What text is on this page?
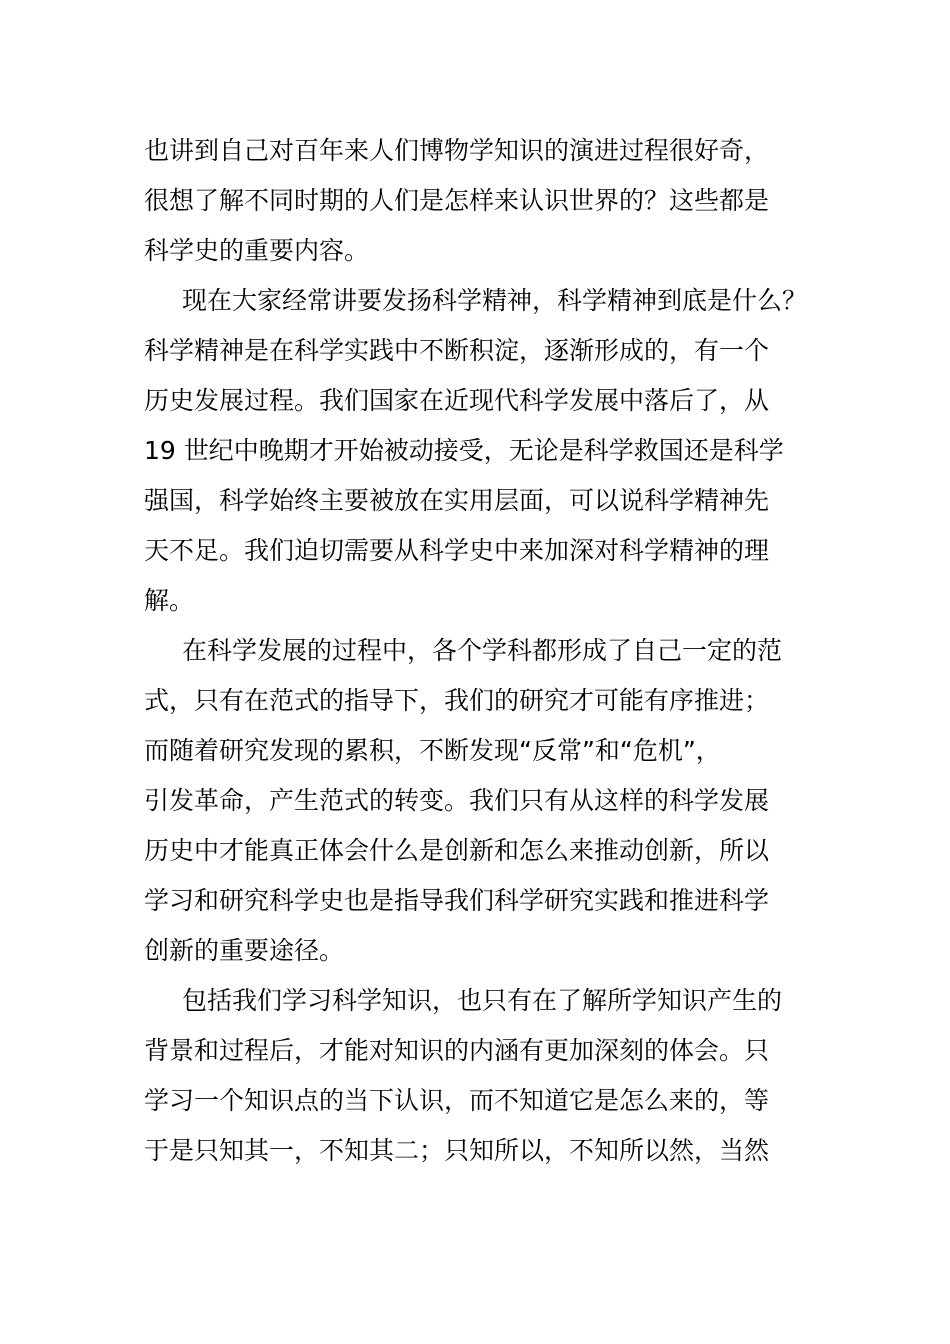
也讲到自己对百年来人们博物学知识的演进过程很好奇，
很想了解不同时期的人们是怎样来认识世界的？这些都是
科学史的重要内容。
现在大家经常讲要发扬科学精神，科学精神到底是什么？
科学精神是在科学实践中不断积淀，逐渐形成的，有一个
历史发展过程。我们国家在近现代科学发展中落后了，从
19 世纪中晚期才开始被动接受，无论是科学救国还是科学
强国，科学始终主要被放在实用层面，可以说科学精神先
天不足。我们迫切需要从科学史中来加深对科学精神的理
解。
在科学发展的过程中，各个学科都形成了自己一定的范
式，只有在范式的指导下，我们的研究才可能有序推进；
而随着研究发现的累积，不断发现“反常”和“危机”，
引发革命，产生范式的转变。我们只有从这样的科学发展
历史中才能真正体会什么是创新和怎么来推动创新，所以
学习和研究科学史也是指导我们科学研究实践和推进科学
创新的重要途径。
包括我们学习科学知识，也只有在了解所学知识产生的
背景和过程后，才能对知识的内涵有更加深刻的体会。只
学习一个知识点的当下认识，而不知道它是怎么来的，等
于是只知其一，不知其二；只知所以，不知所以然，当然
